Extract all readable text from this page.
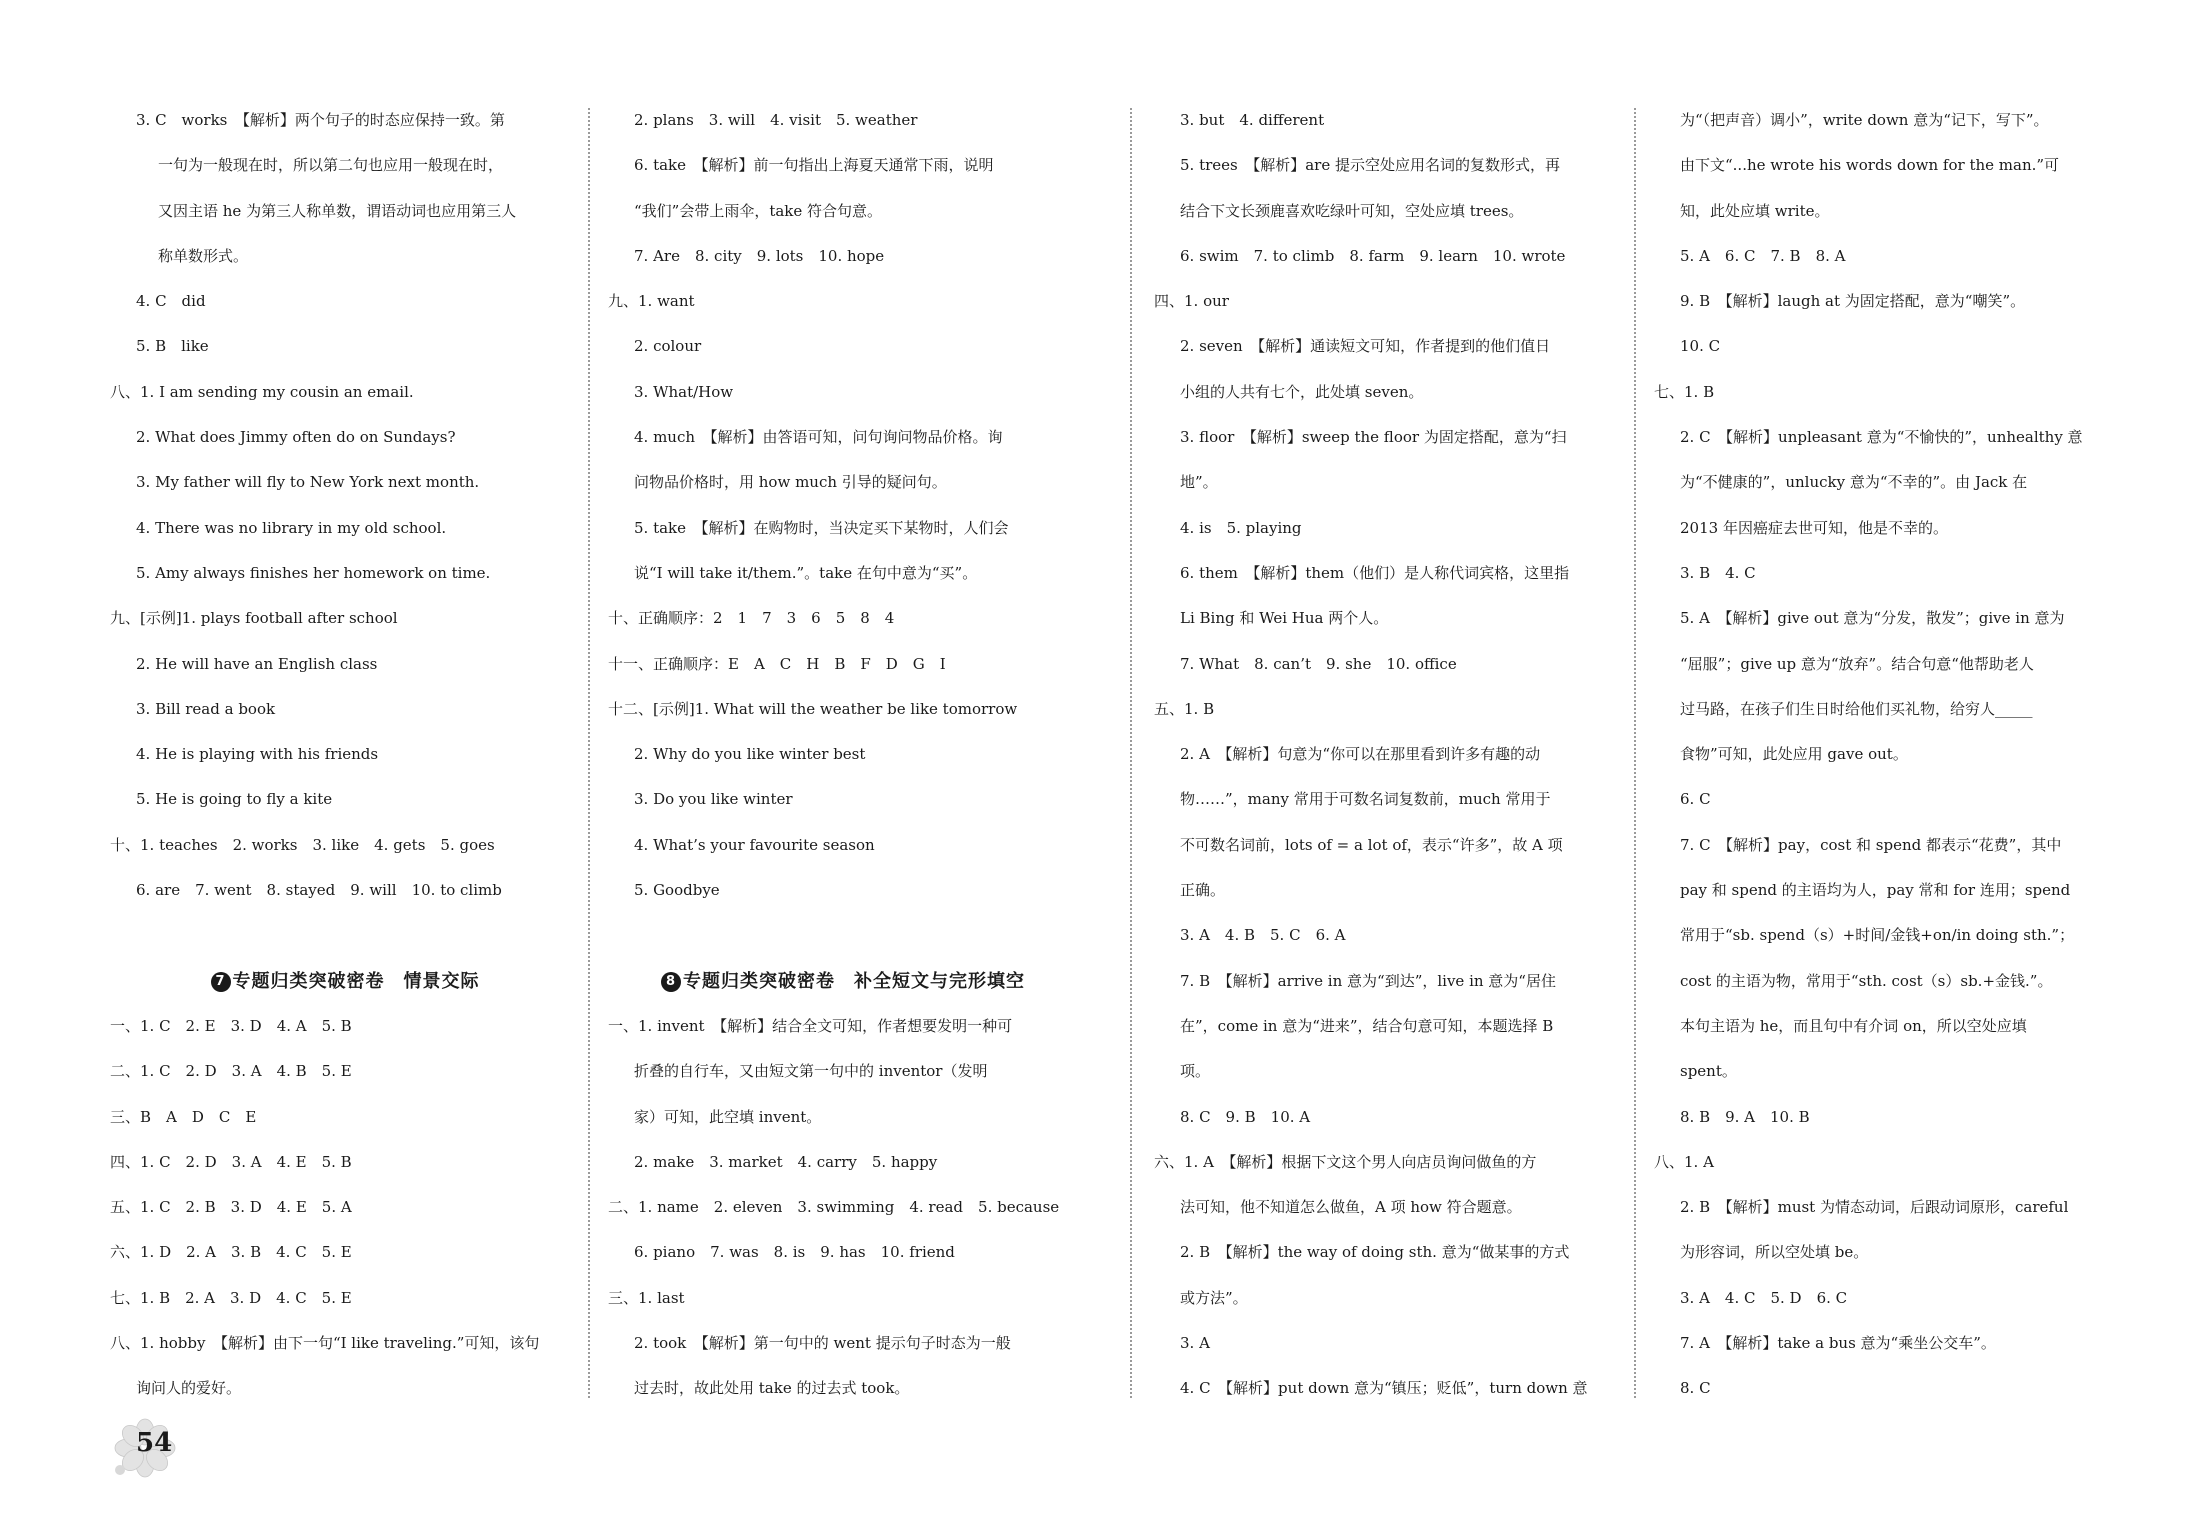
3. C　works　【解析】两个句子的时态应保持一致。第
一句为一般现在时，所以第二句也应用一般现在时，
又因主语 he 为第三人称单数，谓语动词也应用第三人
称单数形式。
4. C　did
5. B　like
八、1. I am sending my cousin an email.
2. What does Jimmy often do on Sundays?
3. My father will fly to New York next month.
4. There was no library in my old school.
5. Amy always finishes her homework on time.
九、[示例]1. plays football after school
2. He will have an English class
3. Bill read a book
4. He is playing with his friends
5. He is going to fly a kite
十、1. teaches　2. works　3. like　4. gets　5. goes
6. are　7. went　8. stayed　9. will　10. to climb
7 专题归类突破密卷　情景交际
一、1. C　2. E　3. D　4. A　5. B
二、1. C　2. D　3. A　4. B　5. E
三、B　A　D　C　E
四、1. C　2. D　3. A　4. E　5. B
五、1. C　2. B　3. D　4. E　5. A
六、1. D　2. A　3. B　4. C　5. E
七、1. B　2. A　3. D　4. C　5. E
八、1. hobby　【解析】由下一句“I like traveling.”可知，该句
询问人的爱好。
2. plans　3. will　4. visit　5. weather
6. take　【解析】前一句指出上海夏天通常下雨，说明
“我们”会带上雨伞，take 符合句意。
7. Are　8. city　9. lots　10. hope
九、1. want
2. colour
3. What/How
4. much　【解析】由答语可知，问句询问物品价格。询
问物品价格时，用 how much 引导的疑问句。
5. take　【解析】在购物时，当决定买下某物时，人们会
说“I will take it/them.”。take 在句中意为“买”。
十、正确顺序：2　1　7　3　6　5　8　4
十一、正确顺序：E　A　C　H　B　F　D　G　I
十二、[示例]1. What will the weather be like tomorrow
2. Why do you like winter best
3. Do you like winter
4. What’s your favourite season
5. Goodbye
8 专题归类突破密卷　补全短文与完形填空
一、1. invent　【解析】结合全文可知，作者想要发明一种可
折叠的自行车，又由短文第一句中的 inventor（发明
家）可知，此空填 invent。
2. make　3. market　4. carry　5. happy
二、1. name　2. eleven　3. swimming　4. read　5. because
6. piano　7. was　8. is　9. has　10. friend
三、1. last
2. took　【解析】第一句中的 went 提示句子时态为一般
过去时，故此处用 take 的过去式 took。
3. but　4. different
5. trees　【解析】are 提示空处应用名词的复数形式，再
结合下文长颈鹿喜欢吃绿叶可知，空处应填 trees。
6. swim　7. to climb　8. farm　9. learn　10. wrote
四、1. our
2. seven　【解析】通读短文可知，作者提到的他们值日
小组的人共有七个，此处填 seven。
3. floor　【解析】sweep the floor 为固定搭配，意为“扫
地”。
4. is　5. playing
6. them　【解析】them（他们）是人称代词宾格，这里指
Li Bing 和 Wei Hua 两个人。
7. What　8. can’t　9. she　10. office
五、1. B
2. A　【解析】句意为“你可以在那里看到许多有趣的动
物……”，many 常用于可数名词复数前，much 常用于
不可数名词前，lots of = a lot of，表示“许多”，故 A 项
正确。
3. A　4. B　5. C　6. A
7. B　【解析】arrive in 意为“到达”，live in 意为“居住
在”，come in 意为“进来”，结合句意可知，本题选择 B
项。
8. C　9. B　10. A
六、1. A　【解析】根据下文这个男人向店员询问做鱼的方
法可知，他不知道怎么做鱼，A 项 how 符合题意。
2. B　【解析】the way of doing sth. 意为“做某事的方式
或方法”。
3. A
4. C　【解析】put down 意为“镇压；贬低”，turn down 意
为“（把声音）调小”，write down 意为“记下，写下”。
由下文“...he wrote his words down for the man.”可
知，此处应填 write。
5. A　6. C　7. B　8. A
9. B　【解析】laugh at 为固定搭配，意为“嘲笑”。
10. C
七、1. B
2. C　【解析】unpleasant 意为“不愉快的”，unhealthy 意
为“不健康的”，unlucky 意为“不幸的”。由 Jack 在
2013 年因癌症去世可知，他是不幸的。
3. B　4. C
5. A　【解析】give out 意为“分发，散发”；give in 意为
“屈服”；give up 意为“放弃”。结合句意“他帮助老人
过马路，在孩子们生日时给他们买礼物，给穷人_____
食物”可知，此处应用 gave out。
6. C
7. C　【解析】pay，cost 和 spend 都表示“花费”，其中
pay 和 spend 的主语均为人，pay 常和 for 连用；spend
常用于“sb. spend（s）+时间/金钱+on/in doing sth.”；
cost 的主语为物，常用于“sth. cost（s）sb.+金钱.”。
本句主语为 he，而且句中有介词 on，所以空处应填
spent。
8. B　9. A　10. B
八、1. A
2. B　【解析】must 为情态动词，后跟动词原形，careful
为形容词，所以空处填 be。
3. A　4. C　5. D　6. C
7. A　【解析】take a bus 意为“乘坐公交车”。
8. C
54
